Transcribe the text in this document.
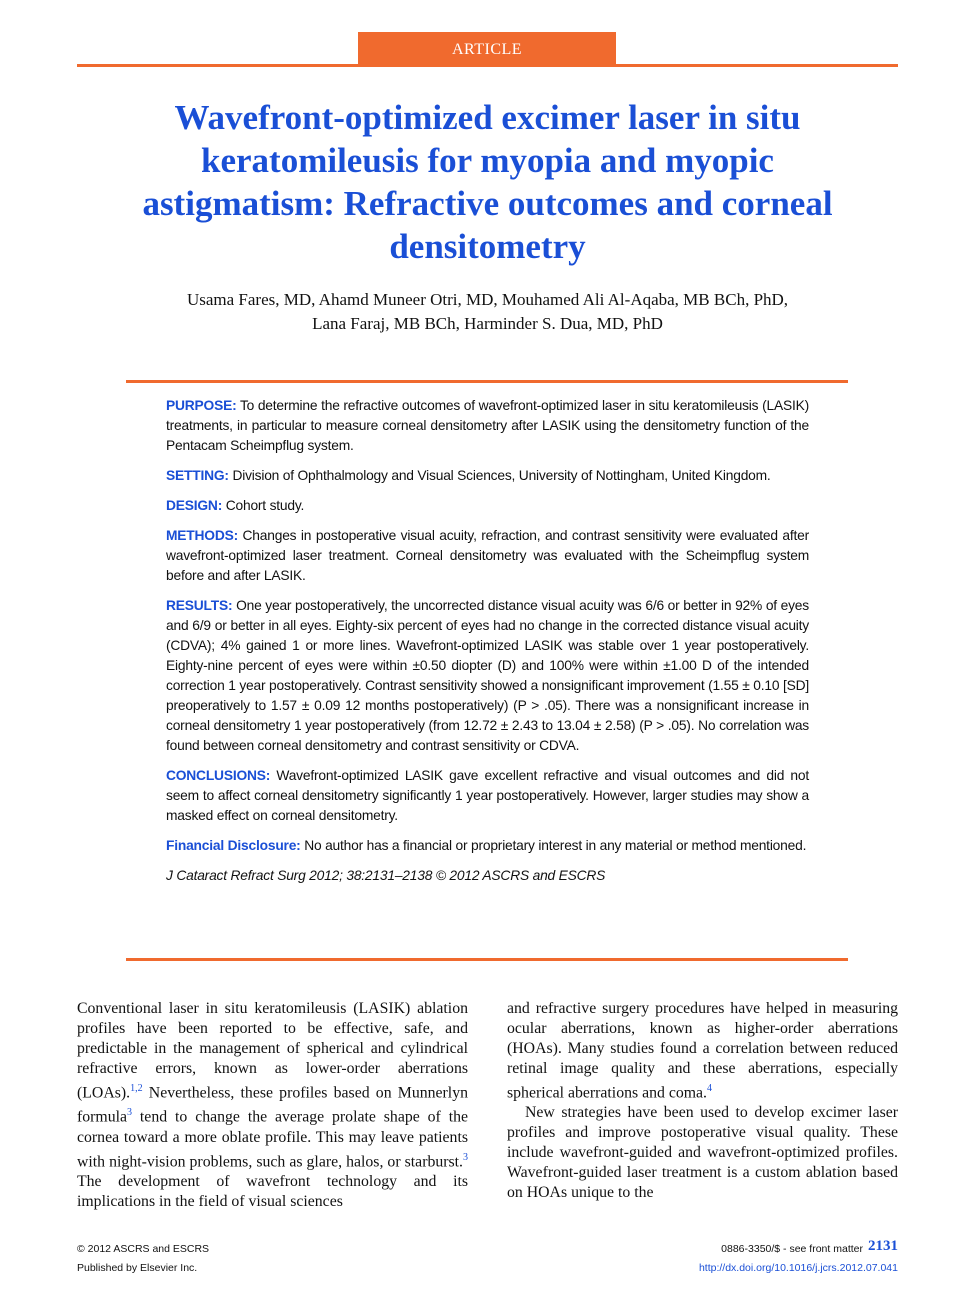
ARTICLE
Wavefront-optimized excimer laser in situ keratomileusis for myopia and myopic astigmatism: Refractive outcomes and corneal densitometry
Usama Fares, MD, Ahamd Muneer Otri, MD, Mouhamed Ali Al-Aqaba, MB BCh, PhD,
Lana Faraj, MB BCh, Harminder S. Dua, MD, PhD

PURPOSE: To determine the refractive outcomes of wavefront-optimized laser in situ keratomileusis (LASIK) treatments, in particular to measure corneal densitometry after LASIK using the densitometry function of the Pentacam Scheimpflug system.

SETTING: Division of Ophthalmology and Visual Sciences, University of Nottingham, United Kingdom.

DESIGN: Cohort study.

METHODS: Changes in postoperative visual acuity, refraction, and contrast sensitivity were evaluated after wavefront-optimized laser treatment. Corneal densitometry was evaluated with the Scheimpflug system before and after LASIK.

RESULTS: One year postoperatively, the uncorrected distance visual acuity was 6/6 or better in 92% of eyes and 6/9 or better in all eyes. Eighty-six percent of eyes had no change in the corrected distance visual acuity (CDVA); 4% gained 1 or more lines. Wavefront-optimized LASIK was stable over 1 year postoperatively. Eighty-nine percent of eyes were within ±0.50 diopter (D) and 100% were within ±1.00 D of the intended correction 1 year postoperatively. Contrast sensitivity showed a nonsignificant improvement (1.55 ± 0.10 [SD] preoperatively to 1.57 ± 0.09 12 months postoperatively) (P > .05). There was a nonsignificant increase in corneal densitometry 1 year postoperatively (from 12.72 ± 2.43 to 13.04 ± 2.58) (P > .05). No correlation was found between corneal densitometry and contrast sensitivity or CDVA.

CONCLUSIONS: Wavefront-optimized LASIK gave excellent refractive and visual outcomes and did not seem to affect corneal densitometry significantly 1 year postoperatively. However, larger studies may show a masked effect on corneal densitometry.

Financial Disclosure: No author has a financial or proprietary interest in any material or method mentioned.

J Cataract Refract Surg 2012; 38:2131–2138 © 2012 ASCRS and ESCRS

Conventional laser in situ keratomileusis (LASIK) ablation profiles have been reported to be effective, safe, and predictable in the management of spherical and cylindrical refractive errors, known as lower-order aberrations (LOAs).$^{1,2}$ Nevertheless, these profiles based on Munnerlyn formula$^3$ tend to change the average prolate shape of the cornea toward a more oblate profile. This may leave patients with night-vision problems, such as glare, halos, or starburst.$^3$ The development of wavefront technology and its implications in the field of visual sciences

and refractive surgery procedures have helped in measuring ocular aberrations, known as higher-order aberrations (HOAs). Many studies found a correlation between reduced retinal image quality and these aberrations, especially spherical aberrations and coma.$^4$

New strategies have been used to develop excimer laser profiles and improve postoperative visual quality. These include wavefront-guided and wavefront-optimized profiles. Wavefront-guided laser treatment is a custom ablation based on HOAs unique to the

© 2012 ASCRS and ESCRS
Published by Elsevier Inc.
0886-3350/$ - see front matter 2131
http://dx.doi.org/10.1016/j.jcrs.2012.07.041
